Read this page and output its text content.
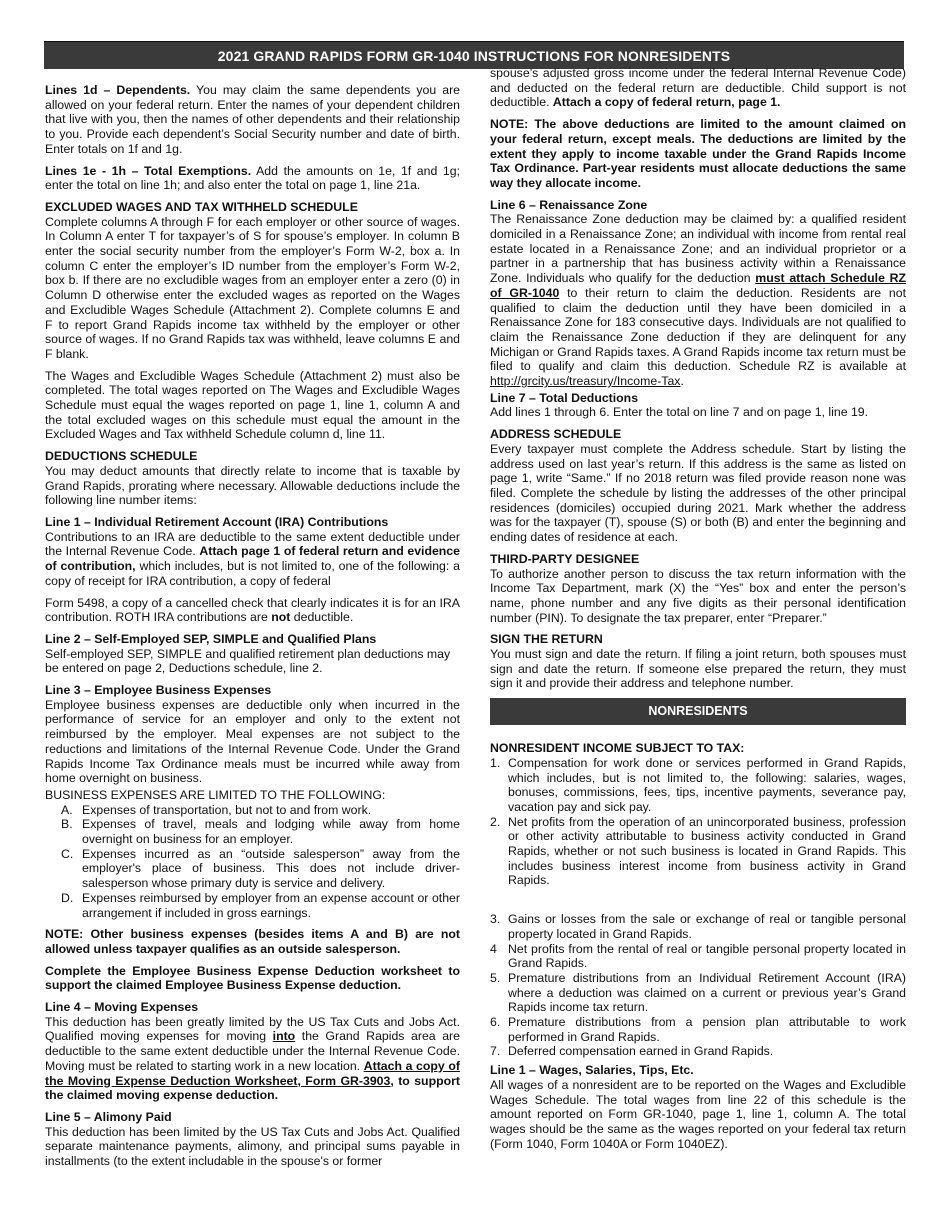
2021 GRAND RAPIDS FORM GR-1040 INSTRUCTIONS FOR NONRESIDENTS

Lines 1d – Dependents. You may claim the same dependents you are allowed on your federal return. Enter the names of your dependent children that live with you, then the names of other dependents and their relationship to you. Provide each dependent’s Social Security number and date of birth. Enter totals on 1f and 1g.

Lines 1e - 1h – Total Exemptions. Add the amounts on 1e, 1f and 1g; enter the total on line 1h; and also enter the total on page 1, line 21a.

EXCLUDED WAGES AND TAX WITHHELD SCHEDULE

Complete columns A through F for each employer or other source of wages. In Column A enter T for taxpayer’s of S for spouse’s employer. In column B enter the social security number from the employer’s Form W-2, box a. In column C enter the employer’s ID number from the employer’s Form W-2, box b. If there are no excludible wages from an employer enter a zero (0) in Column D otherwise enter the excluded wages as reported on the Wages and Excludible Wages Schedule (Attachment 2). Complete columns E and F to report Grand Rapids income tax withheld by the employer or other source of wages. If no Grand Rapids tax was withheld, leave columns E and F blank.

The Wages and Excludible Wages Schedule (Attachment 2) must also be completed. The total wages reported on The Wages and Excludible Wages Schedule must equal the wages reported on page 1, line 1, column A and the total excluded wages on this schedule must equal the amount in the Excluded Wages and Tax withheld Schedule column d, line 11.

DEDUCTIONS SCHEDULE

You may deduct amounts that directly relate to income that is taxable by Grand Rapids, prorating where necessary. Allowable deductions include the following line number items:

Line 1 – Individual Retirement Account (IRA) Contributions

Contributions to an IRA are deductible to the same extent deductible under the Internal Revenue Code. Attach page 1 of federal return and evidence of contribution, which includes, but is not limited to, one of the following: a copy of receipt for IRA contribution, a copy of federal

Form 5498, a copy of a cancelled check that clearly indicates it is for an IRA contribution. ROTH IRA contributions are not deductible.

Line 2 – Self-Employed SEP, SIMPLE and Qualified Plans

Self-employed SEP, SIMPLE and qualified retirement plan deductions may be entered on page 2, Deductions schedule, line 2.

Line 3 – Employee Business Expenses

Employee business expenses are deductible only when incurred in the performance of service for an employer and only to the extent not reimbursed by the employer. Meal expenses are not subject to the reductions and limitations of the Internal Revenue Code. Under the Grand Rapids Income Tax Ordinance meals must be incurred while away from home overnight on business.

BUSINESS EXPENSES ARE LIMITED TO THE FOLLOWING:
A. Expenses of transportation, but not to and from work.
B. Expenses of travel, meals and lodging while away from home overnight on business for an employer.
C. Expenses incurred as an “outside salesperson” away from the employer's place of business. This does not include driver-salesperson whose primary duty is service and delivery.
D. Expenses reimbursed by employer from an expense account or other arrangement if included in gross earnings.

NOTE: Other business expenses (besides items A and B) are not allowed unless taxpayer qualifies as an outside salesperson.

Complete the Employee Business Expense Deduction worksheet to support the claimed Employee Business Expense deduction.

Line 4 – Moving Expenses

This deduction has been greatly limited by the US Tax Cuts and Jobs Act. Qualified moving expenses for moving into the Grand Rapids area are deductible to the same extent deductible under the Internal Revenue Code. Moving must be related to starting work in a new location. Attach a copy of the Moving Expense Deduction Worksheet, Form GR-3903, to support the claimed moving expense deduction.

Line 5 – Alimony Paid

This deduction has been limited by the US Tax Cuts and Jobs Act. Qualified separate maintenance payments, alimony, and principal sums payable in installments (to the extent includable in the spouse's or former

spouse’s adjusted gross income under the federal Internal Revenue Code) and deducted on the federal return are deductible. Child support is not deductible. Attach a copy of federal return, page 1.

NOTE: The above deductions are limited to the amount claimed on your federal return, except meals. The deductions are limited by the extent they apply to income taxable under the Grand Rapids Income Tax Ordinance. Part-year residents must allocate deductions the same way they allocate income.

Line 6 – Renaissance Zone

The Renaissance Zone deduction may be claimed by: a qualified resident domiciled in a Renaissance Zone; an individual with income from rental real estate located in a Renaissance Zone; and an individual proprietor or a partner in a partnership that has business activity within a Renaissance Zone. Individuals who qualify for the deduction must attach Schedule RZ of GR-1040 to their return to claim the deduction. Residents are not qualified to claim the deduction until they have been domiciled in a Renaissance Zone for 183 consecutive days. Individuals are not qualified to claim the Renaissance Zone deduction if they are delinquent for any Michigan or Grand Rapids taxes. A Grand Rapids income tax return must be filed to qualify and claim this deduction. Schedule RZ is available at http://grcity.us/treasury/Income-Tax.

Line 7 – Total Deductions

Add lines 1 through 6. Enter the total on line 7 and on page 1, line 19.

ADDRESS SCHEDULE

Every taxpayer must complete the Address schedule. Start by listing the address used on last year’s return. If this address is the same as listed on page 1, write “Same.” If no 2018 return was filed provide reason none was filed. Complete the schedule by listing the addresses of the other principal residences (domiciles) occupied during 2021. Mark whether the address was for the taxpayer (T), spouse (S) or both (B) and enter the beginning and ending dates of residence at each.

THIRD-PARTY DESIGNEE

To authorize another person to discuss the tax return information with the Income Tax Department, mark (X) the “Yes” box and enter the person’s name, phone number and any five digits as their personal identification number (PIN). To designate the tax preparer, enter “Preparer.”

SIGN THE RETURN

You must sign and date the return. If filing a joint return, both spouses must sign and date the return. If someone else prepared the return, they must sign it and provide their address and telephone number.

NONRESIDENTS
NONRESIDENT INCOME SUBJECT TO TAX:
1. Compensation for work done or services performed in Grand Rapids, which includes, but is not limited to, the following: salaries, wages, bonuses, commissions, fees, tips, incentive payments, severance pay, vacation pay and sick pay.
2. Net profits from the operation of an unincorporated business, profession or other activity attributable to business activity conducted in Grand Rapids, whether or not such business is located in Grand Rapids. This includes business interest income from business activity in Grand Rapids.
3. Gains or losses from the sale or exchange of real or tangible personal property located in Grand Rapids.
4 Net profits from the rental of real or tangible personal property located in Grand Rapids.
5. Premature distributions from an Individual Retirement Account (IRA) where a deduction was claimed on a current or previous year’s Grand Rapids income tax return.
6. Premature distributions from a pension plan attributable to work performed in Grand Rapids.
7. Deferred compensation earned in Grand Rapids.
Line 1 – Wages, Salaries, Tips, Etc.

All wages of a nonresident are to be reported on the Wages and Excludible Wages Schedule. The total wages from line 22 of this schedule is the amount reported on Form GR-1040, page 1, line 1, column A. The total wages should be the same as the wages reported on your federal tax return (Form 1040, Form 1040A or Form 1040EZ).
